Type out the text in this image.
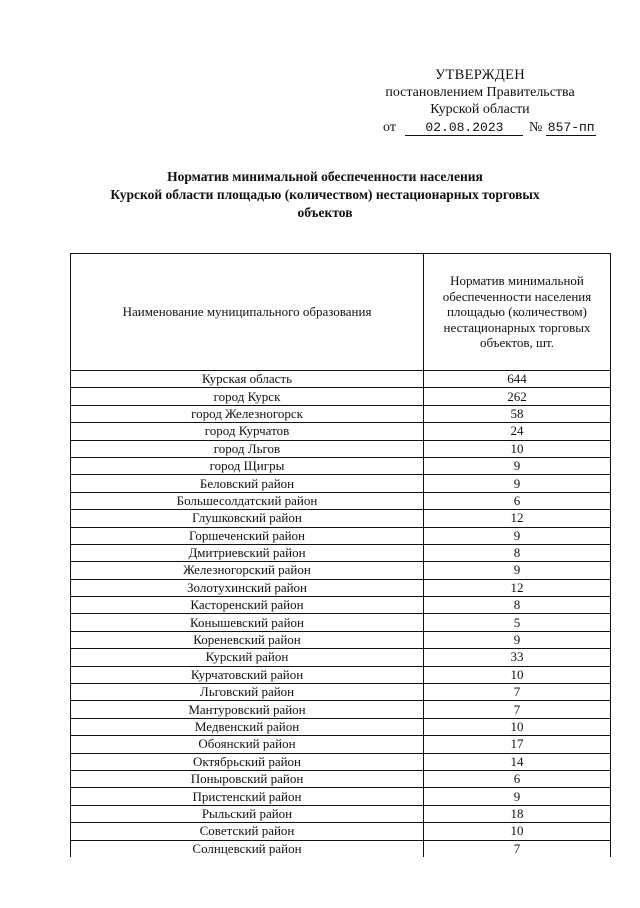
УТВЕРЖДЕН
постановлением Правительства
Курской области
от 02.08.2023 № 857-пп
Норматив минимальной обеспеченности населения
Курской области площадью (количеством) нестационарных торговых
объектов
Наименование муниципального образования	Норматив минимальной
обеспеченности населения
площадью (количеством)
нестационарных торговых
объектов, шт.

Курская область	644
город Курск	262
город Железногорск	58
город Курчатов	24
город Льгов	10
город Щигры	9
Беловский район	9
Большесолдатский район	6
Глушковский район	12
Горшеченский район	9
Дмитриевский район	8
Железногорский район	9
Золотухинский район	12
Касторенский район	8
Конышевский район	5
Кореневский район	9
Курский район	33
Курчатовский район	10
Льговский район	7
Мантуровский район	7
Медвенский район	10
Обоянский район	17
Октябрьский район	14
Поныровский район	6
Пристенский район	9
Рыльский район	18
Советский район	10
Солнцевский район	7
